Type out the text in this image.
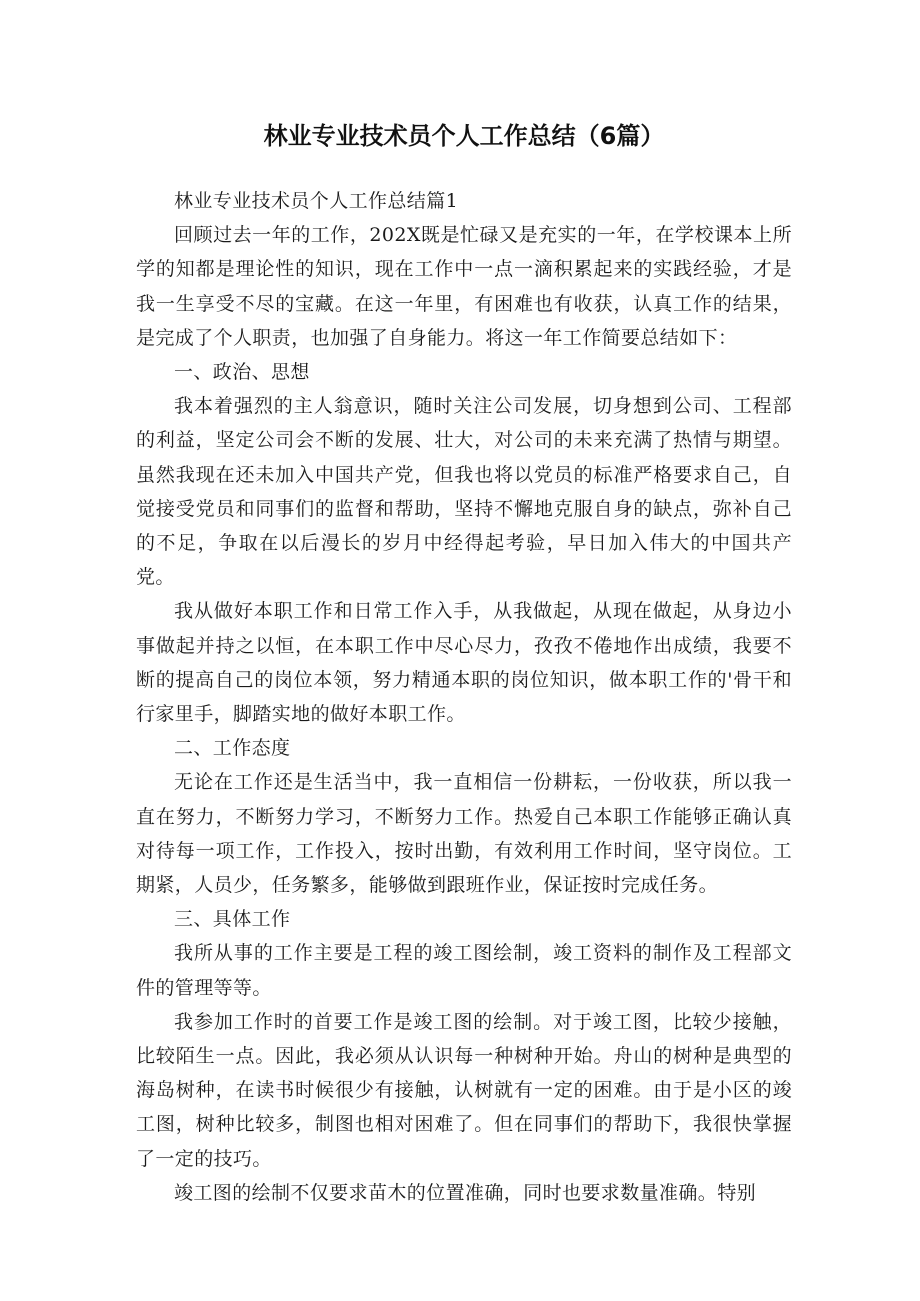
林业专业技术员个人工作总结（6篇）

林业专业技术员个人工作总结篇1

回顾过去一年的工作，202X既是忙碌又是充实的一年，在学校课本上所学的知都是理论性的知识，现在工作中一点一滴积累起来的实践经验，才是我一生享受不尽的宝藏。在这一年里，有困难也有收获，认真工作的结果，是完成了个人职责，也加强了自身能力。将这一年工作简要总结如下：

一、政治、思想

我本着强烈的主人翁意识，随时关注公司发展，切身想到公司、工程部的利益，坚定公司会不断的发展、壮大，对公司的未来充满了热情与期望。虽然我现在还未加入中国共产党，但我也将以党员的标准严格要求自己，自觉接受党员和同事们的监督和帮助，坚持不懈地克服自身的缺点，弥补自己的不足，争取在以后漫长的岁月中经得起考验，早日加入伟大的中国共产党。

我从做好本职工作和日常工作入手，从我做起，从现在做起，从身边小事做起并持之以恒，在本职工作中尽心尽力，孜孜不倦地作出成绩，我要不断的提高自己的岗位本领，努力精通本职的岗位知识，做本职工作的'骨干和行家里手，脚踏实地的做好本职工作。

二、工作态度

无论在工作还是生活当中，我一直相信一份耕耘，一份收获，所以我一直在努力，不断努力学习，不断努力工作。热爱自己本职工作能够正确认真对待每一项工作，工作投入，按时出勤，有效利用工作时间，坚守岗位。工期紧，人员少，任务繁多，能够做到跟班作业，保证按时完成任务。

三、具体工作

我所从事的工作主要是工程的竣工图绘制，竣工资料的制作及工程部文件的管理等等。

我参加工作时的首要工作是竣工图的绘制。对于竣工图，比较少接触，比较陌生一点。因此，我必须从认识每一种树种开始。舟山的树种是典型的海岛树种，在读书时候很少有接触，认树就有一定的困难。由于是小区的竣工图，树种比较多，制图也相对困难了。但在同事们的帮助下，我很快掌握了一定的技巧。

竣工图的绘制不仅要求苗木的位置准确，同时也要求数量准确。特别
